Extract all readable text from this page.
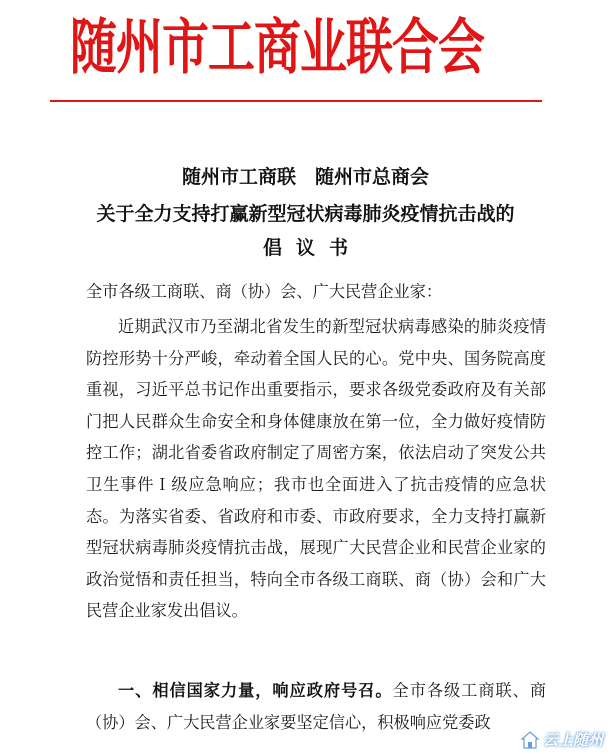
随州市工商业联合会
随州市工商联　随州市总商会
关于全力支持打赢新型冠状病毒肺炎疫情抗击战的
倡议书
全市各级工商联、商（协）会、广大民营企业家：
近期武汉市乃至湖北省发生的新型冠状病毒感染的肺炎疫情防控形势十分严峻，牵动着全国人民的心。党中央、国务院高度重视，习近平总书记作出重要指示，要求各级党委政府及有关部门把人民群众生命安全和身体健康放在第一位，全力做好疫情防控工作；湖北省委省政府制定了周密方案，依法启动了突发公共卫生事件Ｉ级应急响应；我市也全面进入了抗击疫情的应急状态。为落实省委、省政府和市委、市政府要求，全力支持打赢新型冠状病毒肺炎疫情抗击战，展现广大民营企业和民营企业家的政治觉悟和责任担当，特向全市各级工商联、商（协）会和广大民营企业家发出倡议。
一、相信国家力量，响应政府号召。全市各级工商联、商（协）会、广大民营企业家要坚定信心，积极响应党委政
云上随州
